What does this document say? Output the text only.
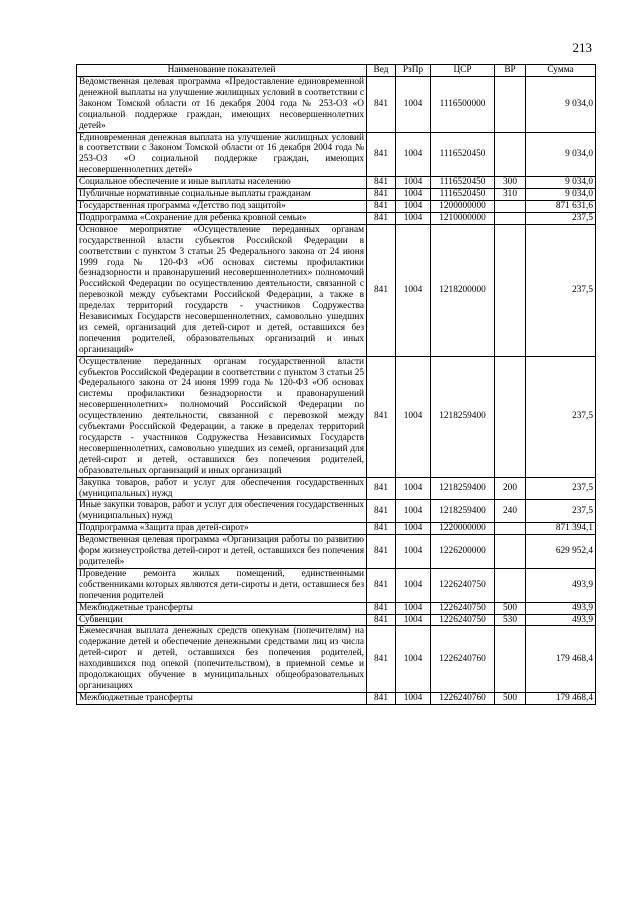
213
Наименование показателей	Вед	РзПр	ЦСР	ВР	Сумма
Ведомственная целевая программа «Предоставление единовременной денежной выплаты на улучшение жилищных условий в соответствии с Законом Томской области от 16 декабря 2004 года № 253-ОЗ «О социальной поддержке граждан, имеющих несовершеннолетних детей»	841	1004	1116500000		9 034,0
Единовременная денежная выплата на улучшение жилищных условий в соответствии с Законом Томской области от 16 декабря 2004 года № 253-ОЗ «О социальной поддержке граждан, имеющих несовершеннолетних детей»	841	1004	1116520450		9 034,0
Социальное обеспечение и иные выплаты населению	841	1004	1116520450	300	9 034,0
Публичные нормативные социальные выплаты гражданам	841	1004	1116520450	310	9 034,0
Государственная программа «Детство под защитой»	841	1004	1200000000		871 631,6
Подпрограмма «Сохранение для ребенка кровной семьи»	841	1004	1210000000		237,5
Основное мероприятие «Осуществление переданных органам государственной власти субъектов Российской Федерации в соответствии с пунктом 3 статьи 25 Федерального закона от 24 июня 1999 года № 120-ФЗ «Об основах системы профилактики безнадзорности и правонарушений несовершеннолетних» полномочий Российской Федерации по осуществлению деятельности, связанной с перевозкой между субъектами Российской Федерации, а также в пределах территорий государств - участников Содружества Независимых Государств несовершеннолетних, самовольно ушедших из семей, организаций для детей-сирот и детей, оставшихся без попечения родителей, образовательных организаций и иных организаций»	841	1004	1218200000		237,5
Осуществление переданных органам государственной власти субъектов Российской Федерации в соответствии с пунктом 3 статьи 25 Федерального закона от 24 июня 1999 года № 120-ФЗ «Об основах системы профилактики безнадзорности и правонарушений несовершеннолетних» полномочий Российской Федерации по осуществлению деятельности, связанной с перевозкой между субъектами Российской Федерации, а также в пределах территорий государств - участников Содружества Независимых Государств несовершеннолетних, самовольно ушедших из семей, организаций для детей-сирот и детей, оставшихся без попечения родителей, образовательных организаций и иных организаций	841	1004	1218259400		237,5
Закупка товаров, работ и услуг для обеспечения государственных (муниципальных) нужд	841	1004	1218259400	200	237,5
Иные закупки товаров, работ и услуг для обеспечения государственных (муниципальных) нужд	841	1004	1218259400	240	237,5
Подпрограмма «Защита прав детей-сирот»	841	1004	1220000000		871 394,1
Ведомственная целевая программа «Организация работы по развитию форм жизнеустройства детей-сирот и детей, оставшихся без попечения родителей»	841	1004	1226200000		629 952,4
Проведение ремонта жилых помещений, единственными собственниками которых являются дети-сироты и дети, оставшиеся без попечения родителей	841	1004	1226240750		493,9
Межбюджетные трансферты	841	1004	1226240750	500	493,9
Субвенции	841	1004	1226240750	530	493,9
Ежемесячная выплата денежных средств опекунам (попечителям) на содержание детей и обеспечение денежными средствами лиц из числа детей-сирот и детей, оставшихся без попечения родителей, находившихся под опекой (попечительством), в приемной семье и продолжающих обучение в муниципальных общеобразовательных организациях	841	1004	1226240760		179 468,4
Межбюджетные трансферты	841	1004	1226240760	500	179 468,4
